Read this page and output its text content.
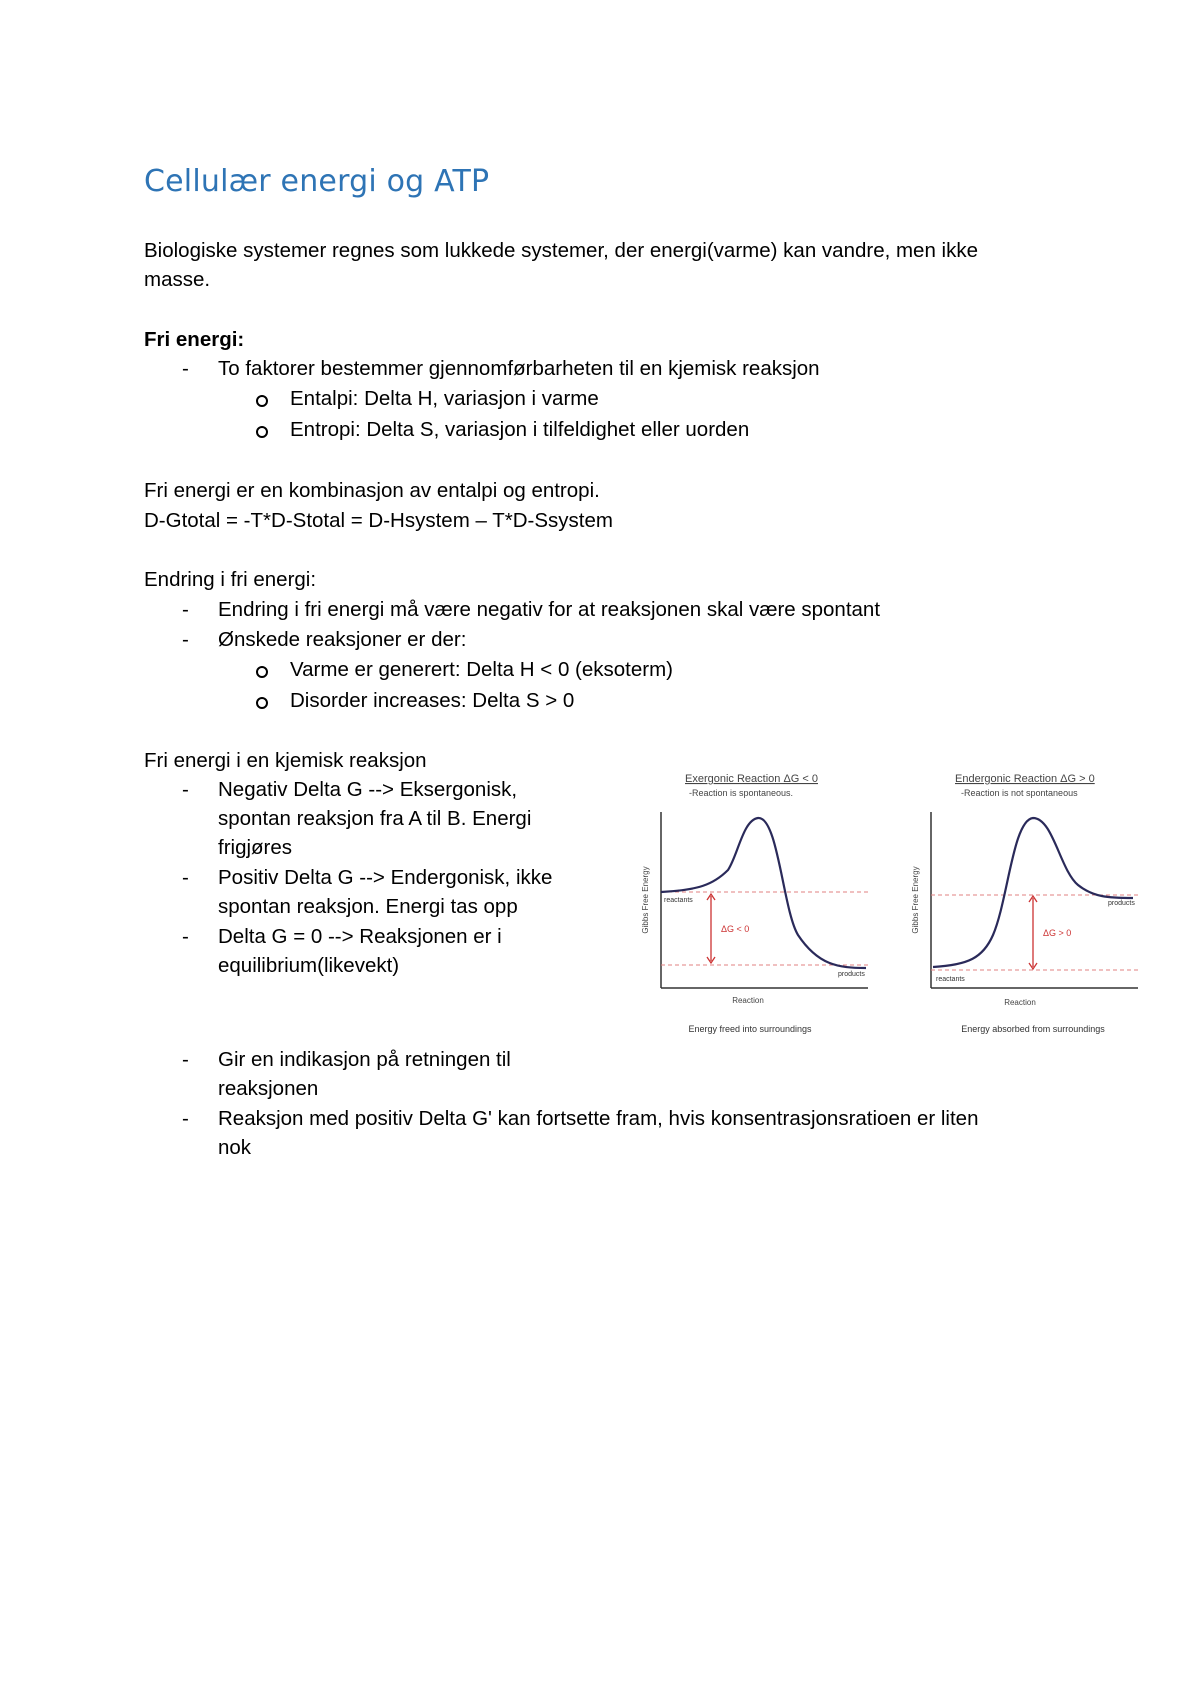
Cellulær energi og ATP
Biologiske systemer regnes som lukkede systemer, der energi(varme) kan vandre, men ikke
masse.
Fri energi:
- To faktorer bestemmer gjennomførbarheten til en kjemisk reaksjon
Entalpi: Delta H, variasjon i varme
Entropi: Delta S, variasjon i tilfeldighet eller uorden
Fri energi er en kombinasjon av entalpi og entropi.
D-Gtotal = -T*D-Stotal = D-Hsystem – T*D-Ssystem
Endring i fri energi:
- Endring i fri energi må være negativ for at reaksjonen skal være spontant
- Ønskede reaksjoner er der:
Varme er generert: Delta H < 0 (eksoterm)
Disorder increases: Delta S > 0
Fri energi i en kjemisk reaksjon
- Negativ Delta G --> Eksergonisk,
spontan reaksjon fra A til B. Energi
frigjøres
- Positiv Delta G --> Endergonisk, ikke
spontan reaksjon. Energi tas opp
- Delta G = 0 --> Reaksjonen er i
equilibrium(likevekt)
Exergonic Reaction ΔG < 0
-Reaction is spontaneous.
Gibbs Free Energy
Reaction
reactants
products
ΔG < 0
Energy freed into surroundings
Endergonic Reaction ΔG > 0
-Reaction is not spontaneous
Gibbs Free Energy
Reaction
reactants
products
ΔG > 0
Energy absorbed from surroundings
- Gir en indikasjon på retningen til
reaksjonen
- Reaksjon med positiv Delta G' kan fortsette fram, hvis konsentrasjonsratioen er liten
nok
